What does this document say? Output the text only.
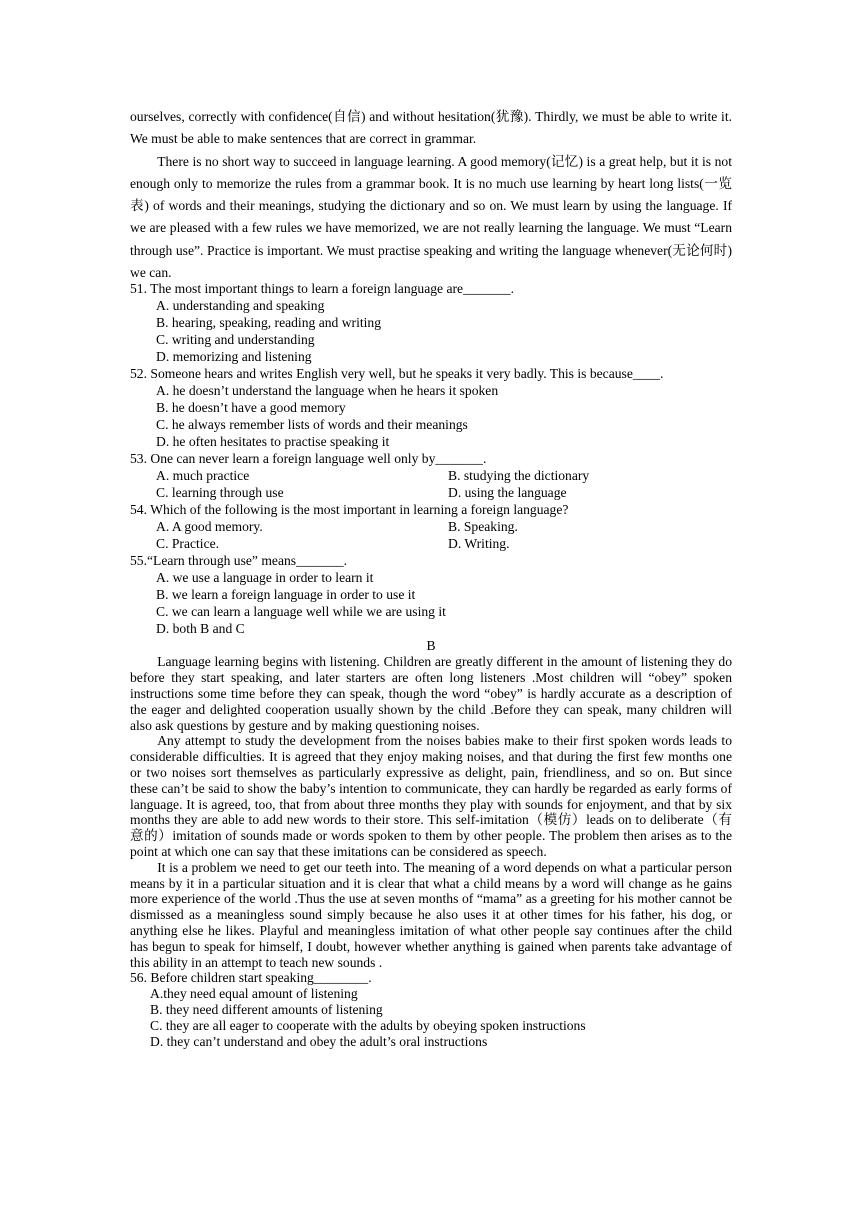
ourselves, correctly with confidence(自信) and without hesitation(犹豫). Thirdly, we must be able to write it. We must be able to make sentences that are correct in grammar.

There is no short way to succeed in language learning. A good memory(记忆) is a great help, but it is not enough only to memorize the rules from a grammar book. It is no much use learning by heart long lists(一览表) of words and their meanings, studying the dictionary and so on. We must learn by using the language. If we are pleased with a few rules we have memorized, we are not really learning the language. We must “Learn through use”. Practice is important. We must practise speaking and writing the language whenever(无论何时) we can.

51. The most important things to learn a foreign language are_______.

A. understanding and speaking

B. hearing, speaking, reading and writing

C. writing and understanding

D. memorizing and listening

52. Someone hears and writes English very well, but he speaks it very badly. This is because____.

A. he doesn’t understand the language when he hears it spoken

B. he doesn’t have a good memory

C. he always remember lists of words and their meanings

D. he often hesitates to practise speaking it

53. One can never learn a foreign language well only by_______.

A. much practice	B. studying the dictionary
C. learning through use	D. using the language

54. Which of the following is the most important in learning a foreign language?

A. A good memory.	B. Speaking.
C. Practice.	D. Writing.

55.“Learn through use” means_______.

A. we use a language in order to learn it

B. we learn a foreign language in order to use it

C. we can learn a language well while we are using it

D. both B and C

B

Language learning begins with listening. Children are greatly different in the amount of listening they do before they start speaking, and later starters are often long listeners .Most children will “obey” spoken instructions some time before they can speak, though the word “obey” is hardly accurate as a description of the eager and delighted cooperation usually shown by the child .Before they can speak, many children will also ask questions by gesture and by making questioning noises.

Any attempt to study the development from the noises babies make to their first spoken words leads to considerable difficulties. It is agreed that they enjoy making noises, and that during the first few months one or two noises sort themselves as particularly expressive as delight, pain, friendliness, and so on. But since these can’t be said to show the baby’s intention to communicate, they can hardly be regarded as early forms of language. It is agreed, too, that from about three months they play with sounds for enjoyment, and that by six months they are able to add new words to their store. This self-imitation（模仿）leads on to deliberate（有意的）imitation of sounds made or words spoken to them by other people. The problem then arises as to the point at which one can say that these imitations can be considered as speech.

It is a problem we need to get our teeth into. The meaning of a word depends on what a particular person means by it in a particular situation and it is clear that what a child means by a word will change as he gains more experience of the world .Thus the use at seven months of “mama” as a greeting for his mother cannot be dismissed as a meaningless sound simply because he also uses it at other times for his father, his dog, or anything else he likes. Playful and meaningless imitation of what other people say continues after the child has begun to speak for himself, I doubt, however whether anything is gained when parents take advantage of this ability in an attempt to teach new sounds .

56. Before children start speaking________.

A.they need equal amount of listening

B. they need different amounts of listening

C. they are all eager to cooperate with the adults by obeying spoken instructions

D. they can’t understand and obey the adult’s oral instructions
